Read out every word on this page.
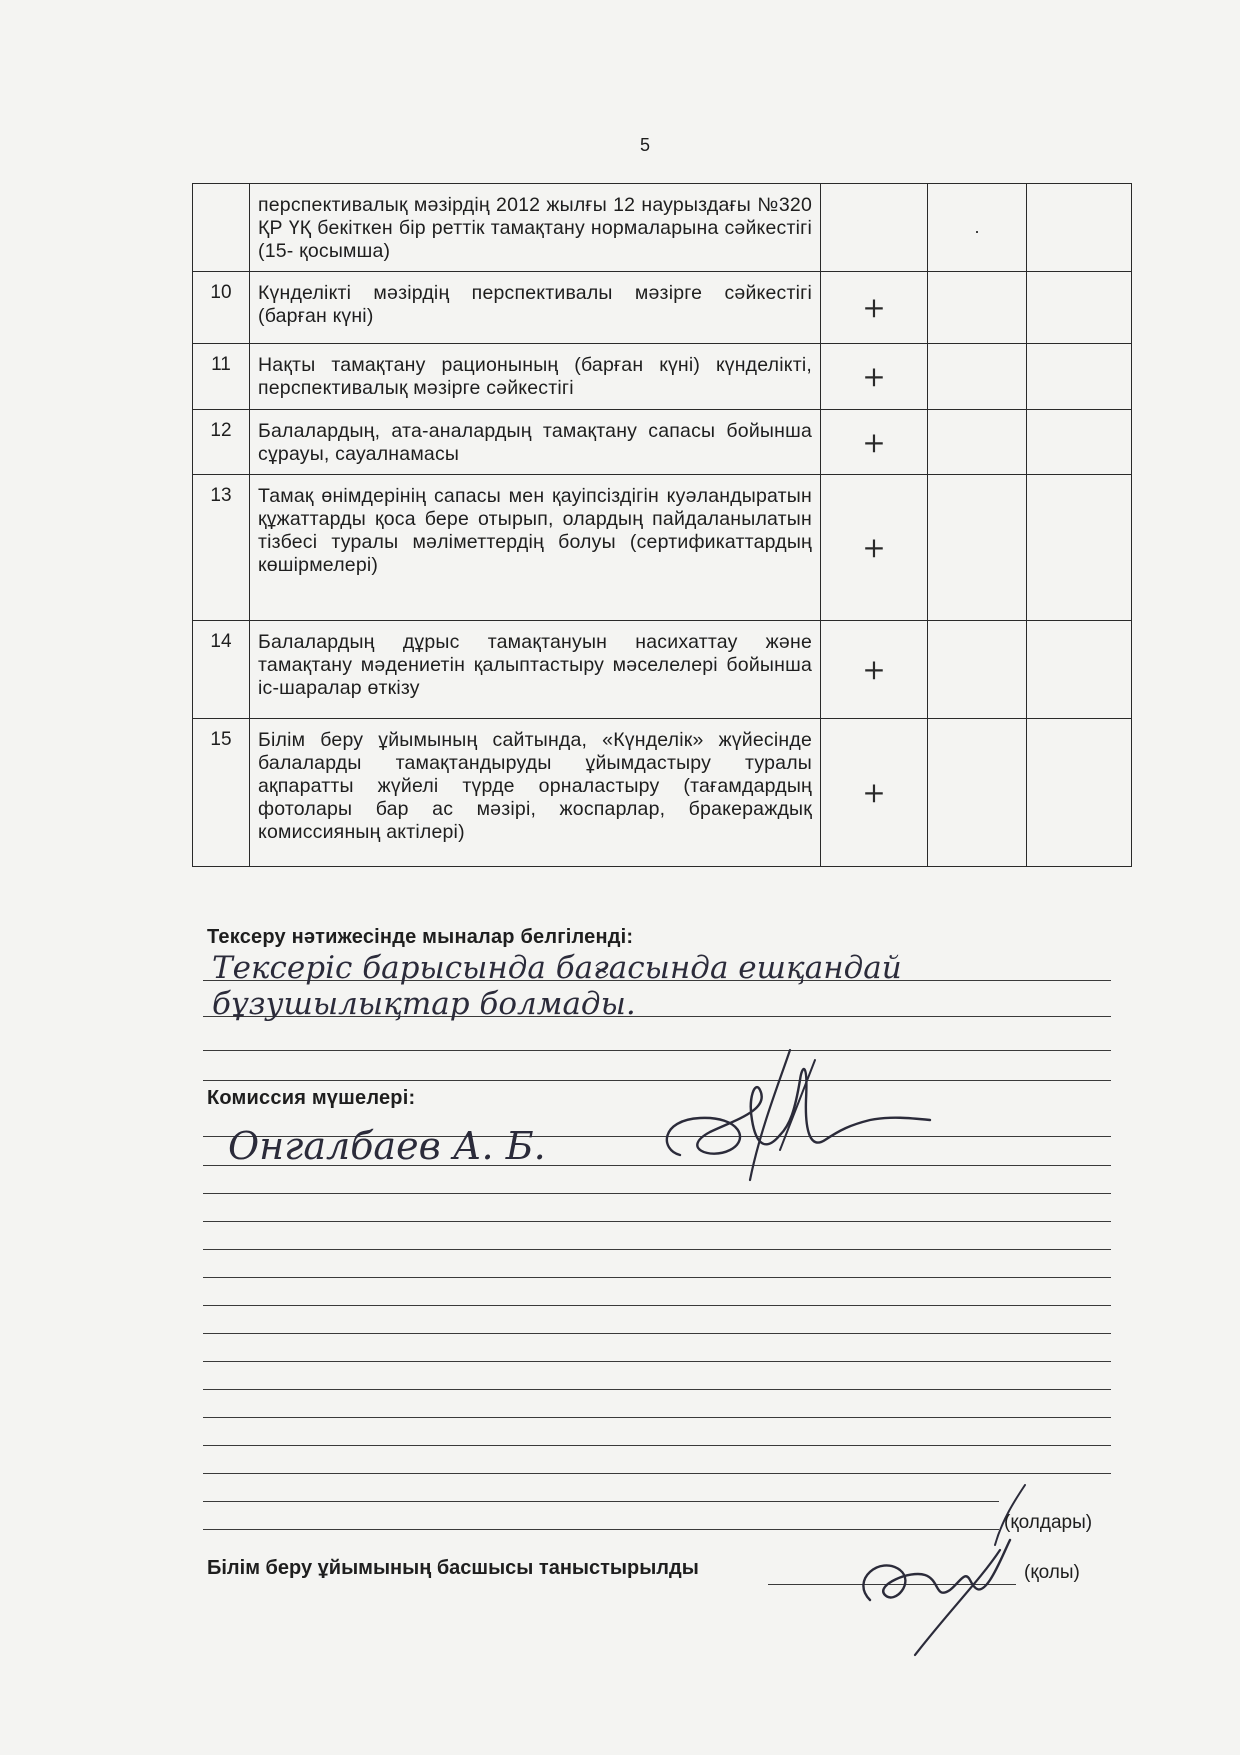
5
	перспективалық мәзірдің 2012 жылғы 12 наурыздағы №320 ҚР ҮҚ бекіткен бір реттік тамақтану нормаларына сәйкестігі (15- қосымша)		.	
10	Күнделікті мәзірдің перспективалы мәзірге сәйкестігі (барған күні)	+		
11	Нақты тамақтану рационының (барған күні) күнделікті, перспективалық мәзірге сәйкестігі	+		
12	Балалардың, ата-аналардың тамақтану сапасы бойынша сұрауы, сауалнамасы	+		
13	Тамақ өнімдерінің сапасы мен қауіпсіздігін куәландыратын құжаттарды қоса бере отырып, олардың пайдаланылатын тізбесі туралы мәліметтердің болуы (сертификаттардың көшірмелері)	+		
14	Балалардың дұрыс тамақтануын насихаттау және тамақтану мәдениетін қалыптастыру мәселелері бойынша іс-шаралар өткізу	+		
15	Білім беру ұйымының сайтында, «Күнделік» жүйесінде балаларды тамақтандыруды ұйымдастыру туралы ақпаратты жүйелі түрде орналастыру (тағамдардың фотолары бар ас мәзірі, жоспарлар, бракераждық комиссияның актілері)	+		
Тексеру нәтижесінде мыналар белгіленді:
Тексеріс барысында бағасында ешқандай
бұзушылықтар болмады.
Комиссия мүшелері:
Онгалбаев А. Б.
(қолдары)
Білім беру ұйымының басшысы таныстырылды	(қолы)
